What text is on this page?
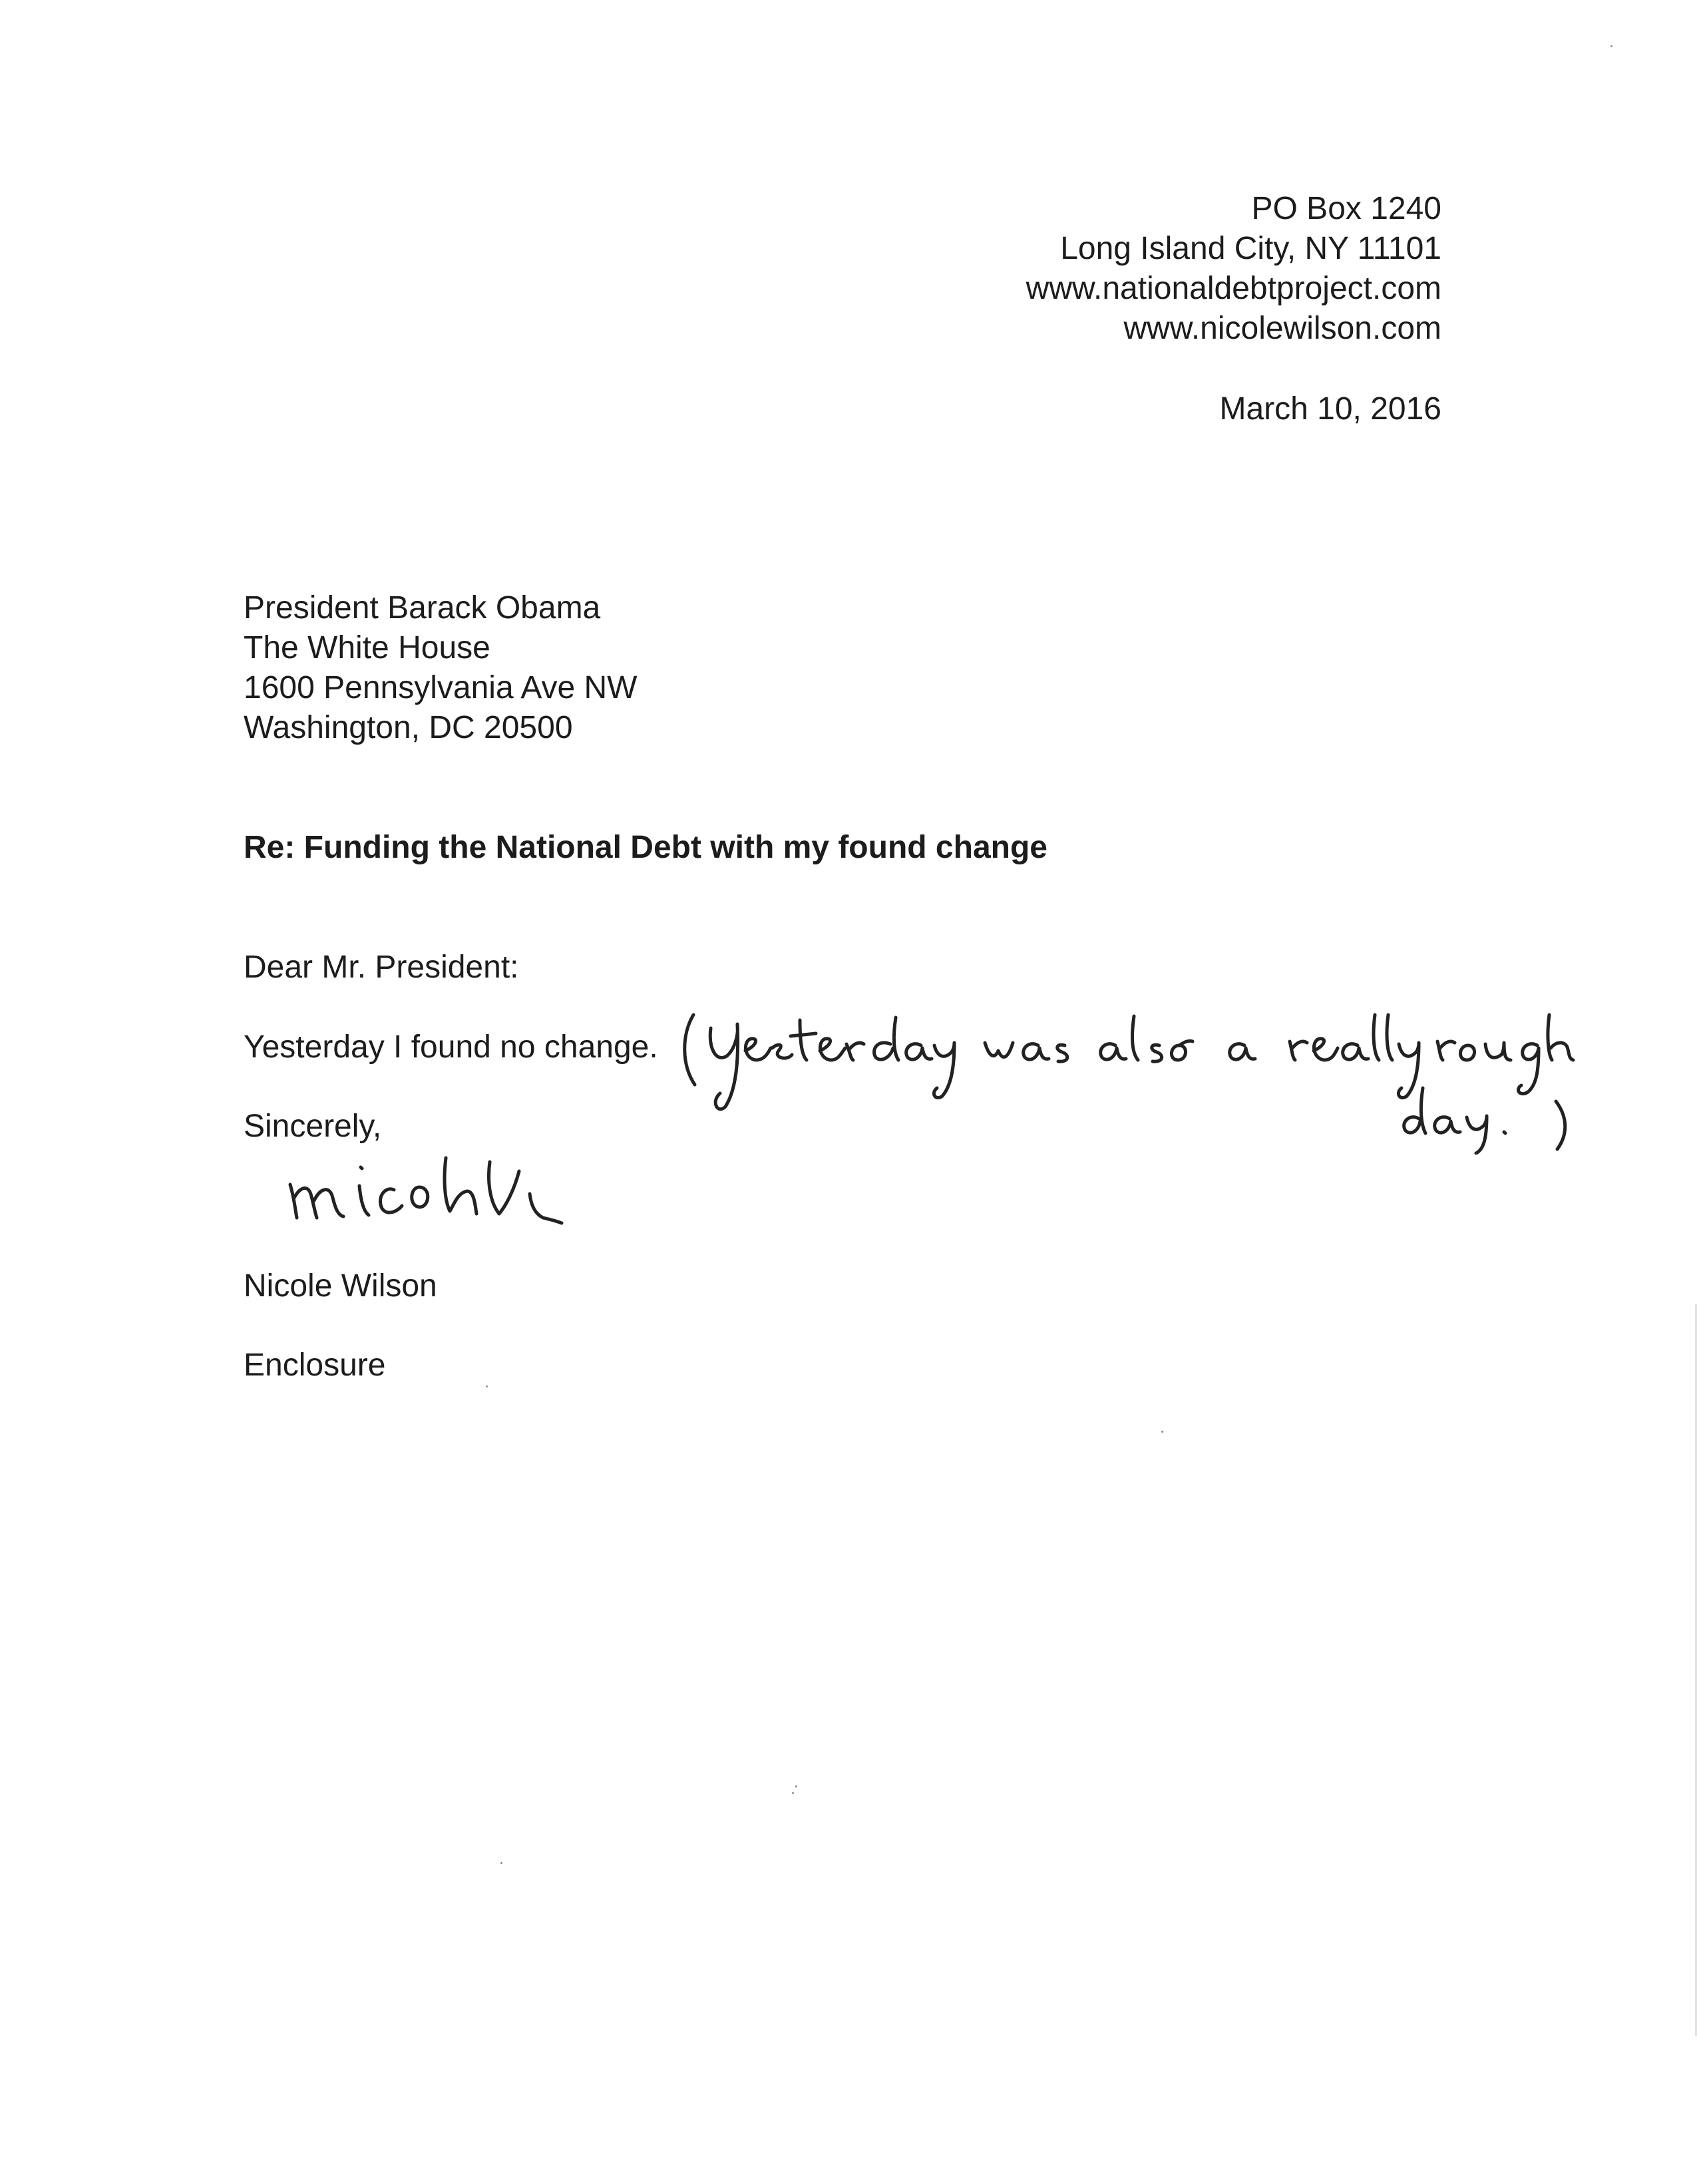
PO Box 1240
Long Island City, NY 11101
www.nationaldebtproject.com
www.nicolewilson.com

March 10, 2016

President Barack Obama
The White House
1600 Pennsylvania Ave NW
Washington, DC 20500

Re: Funding the National Debt with my found change

Dear Mr. President:

Yesterday I found no change.

Sincerely,

Nicole Wilson

Enclosure
